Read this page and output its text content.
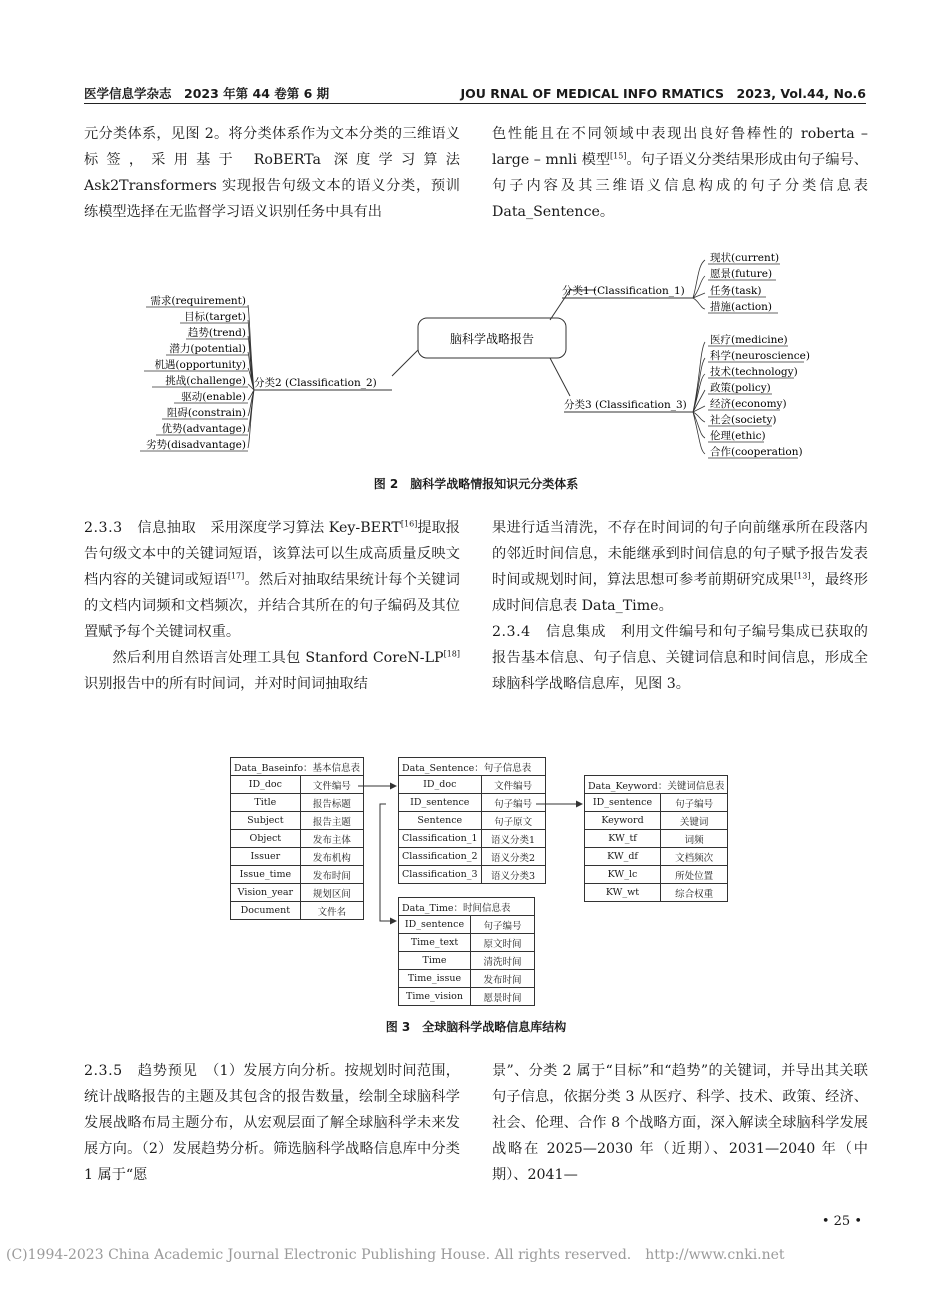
医学信息学杂志　2023 年第 44 卷第 6 期	JOU RNAL OF MEDICAL INFO RMATICS　2023, Vol.44, No.6

元分类体系，见图 2。将分类体系作为文本分类的三维语义标签，采用基于 RoBERTa 深度学习算法 Ask2Transformers 实现报告句级文本的语义分类，预训练模型选择在无监督学习语义识别任务中具有出

色性能且在不同领域中表现出良好鲁棒性的 roberta – large – mnli 模型[15]。句子语义分类结果形成由句子编号、句子内容及其三维语义信息构成的句子分类信息表 Data_Sentence。

脑科学战略报告
分类1 (Classification_1)
分类2 (Classification_2)
分类3 (Classification_3)
现状(current)
愿景(future)
任务(task)
措施(action)
需求(requirement)
目标(target)
趋势(trend)
潜力(potential)
机遇(opportunity)
挑战(challenge)
驱动(enable)
阻碍(constrain)
优势(advantage)
劣势(disadvantage)
医疗(medicine)
科学(neuroscience)
技术(technology)
政策(policy)
经济(economy)
社会(society)
伦理(ethic)
合作(cooperation)
图 2　脑科学战略情报知识元分类体系

2.3.3　信息抽取　 采用深度学习算法 Key-BERT[16]提取报告句级文本中的关键词短语，该算法可以生成高质量反映文档内容的关键词或短语[17]。然后对抽取结果统计每个关键词的文档内词频和文档频次，并结合其所在的句子编码及其位置赋予每个关键词权重。

然后利用自然语言处理工具包 Stanford CoreN-LP[18]识别报告中的所有时间词，并对时间词抽取结

果进行适当清洗，不存在时间词的句子向前继承所在段落内的邻近时间信息，未能继承到时间信息的句子赋予报告发表时间或规划时间，算法思想可参考前期研究成果[13]，最终形成时间信息表 Data_Time。

2.3.4　信息集成　 利用文件编号和句子编号集成已获取的报告基本信息、句子信息、关键词信息和时间信息，形成全球脑科学战略信息库，见图 3。

Data_Baseinfo：基本信息表	
ID_doc	文件编号
Title	报告标题
Subject	报告主题
Object	发布主体
Issuer	发布机构
Issue_time	发布时间
Vision_year	规划区间
Document	文件名
Data_Sentence：句子信息表	
ID_doc	文件编号
ID_sentence	句子编号
Sentence	句子原文
Classification_1	语义分类1
Classification_2	语义分类2
Classification_3	语义分类3
Data_Keyword：关键词信息表	
ID_sentence	句子编号
Keyword	关键词
KW_tf	词频
KW_df	文档频次
KW_lc	所处位置
KW_wt	综合权重
Data_Time：时间信息表	
ID_sentence	句子编号
Time_text	原文时间
Time	清洗时间
Time_issue	发布时间
Time_vision	愿景时间
图 3　全球脑科学战略信息库结构

2.3.5　趋势预见　 （1）发展方向分析。按规划时间范围，统计战略报告的主题及其包含的报告数量，绘制全球脑科学发展战略布局主题分布，从宏观层面了解全球脑科学未来发展方向。（2）发展趋势分析。筛选脑科学战略信息库中分类 1 属于“愿

景”、分类 2 属于“目标”和“趋势”的关键词，并导出其关联句子信息，依据分类 3 从医疗、科学、技术、政策、经济、社会、伦理、合作 8 个战略方面，深入解读全球脑科学发展战略在 2025—2030 年（近期）、2031—2040 年（中期）、2041—

• 25 •
(C)1994-2023 China Academic Journal Electronic Publishing House. All rights reserved.　http://www.cnki.net
